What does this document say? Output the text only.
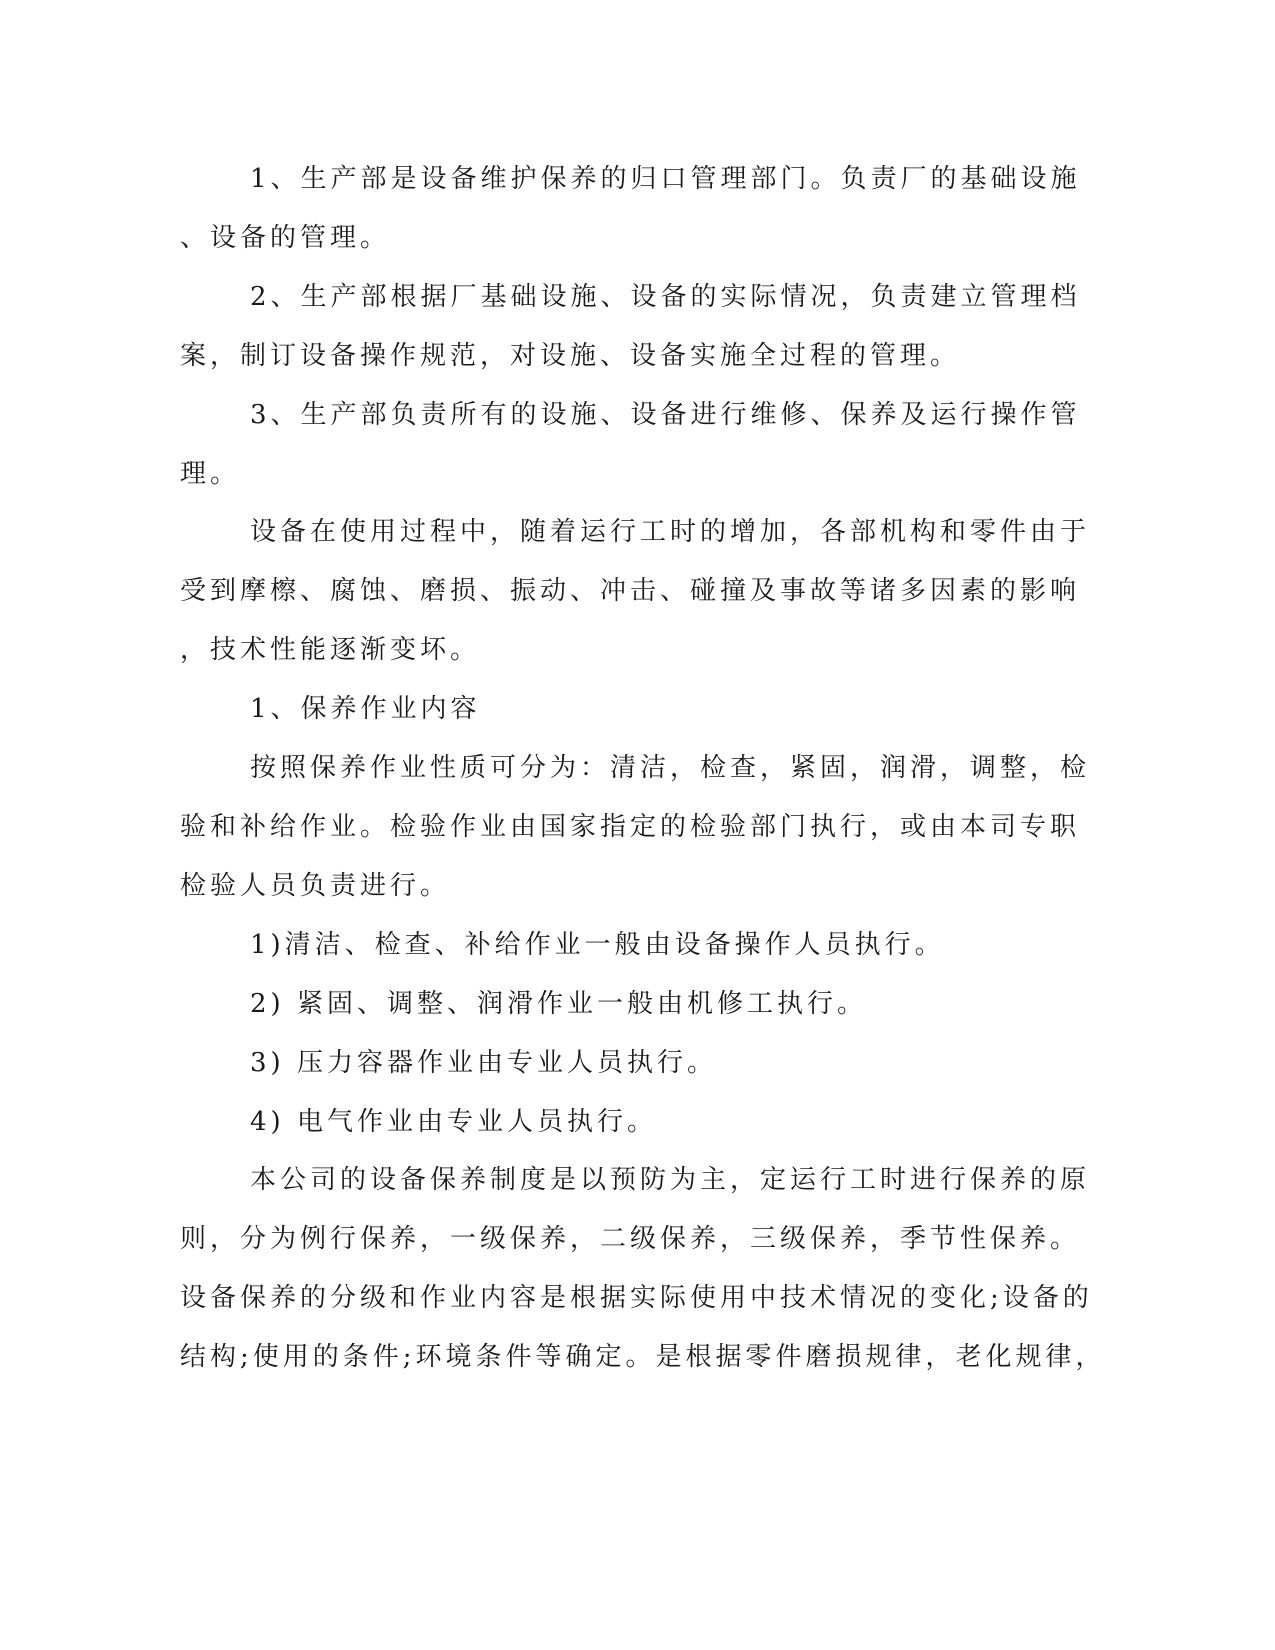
1、生产部是设备维护保养的归口管理部门。负责厂的基础设施
、设备的管理。
2、生产部根据厂基础设施、设备的实际情况，负责建立管理档
案，制订设备操作规范，对设施、设备实施全过程的管理。
3、生产部负责所有的设施、设备进行维修、保养及运行操作管
理。
设备在使用过程中，随着运行工时的增加，各部机构和零件由于
受到摩檫、腐蚀、磨损、振动、冲击、碰撞及事故等诸多因素的影响
，技术性能逐渐变坏。
1、保养作业内容
按照保养作业性质可分为：清洁，检查，紧固，润滑，调整，检
验和补给作业。检验作业由国家指定的检验部门执行，或由本司专职
检验人员负责进行。
1)清洁、检查、补给作业一般由设备操作人员执行。
2) 紧固、调整、润滑作业一般由机修工执行。
3) 压力容器作业由专业人员执行。
4) 电气作业由专业人员执行。
本公司的设备保养制度是以预防为主，定运行工时进行保养的原
则，分为例行保养，一级保养，二级保养，三级保养，季节性保养。
设备保养的分级和作业内容是根据实际使用中技术情况的变化;设备的
结构;使用的条件;环境条件等确定。是根据零件磨损规律，老化规律，
